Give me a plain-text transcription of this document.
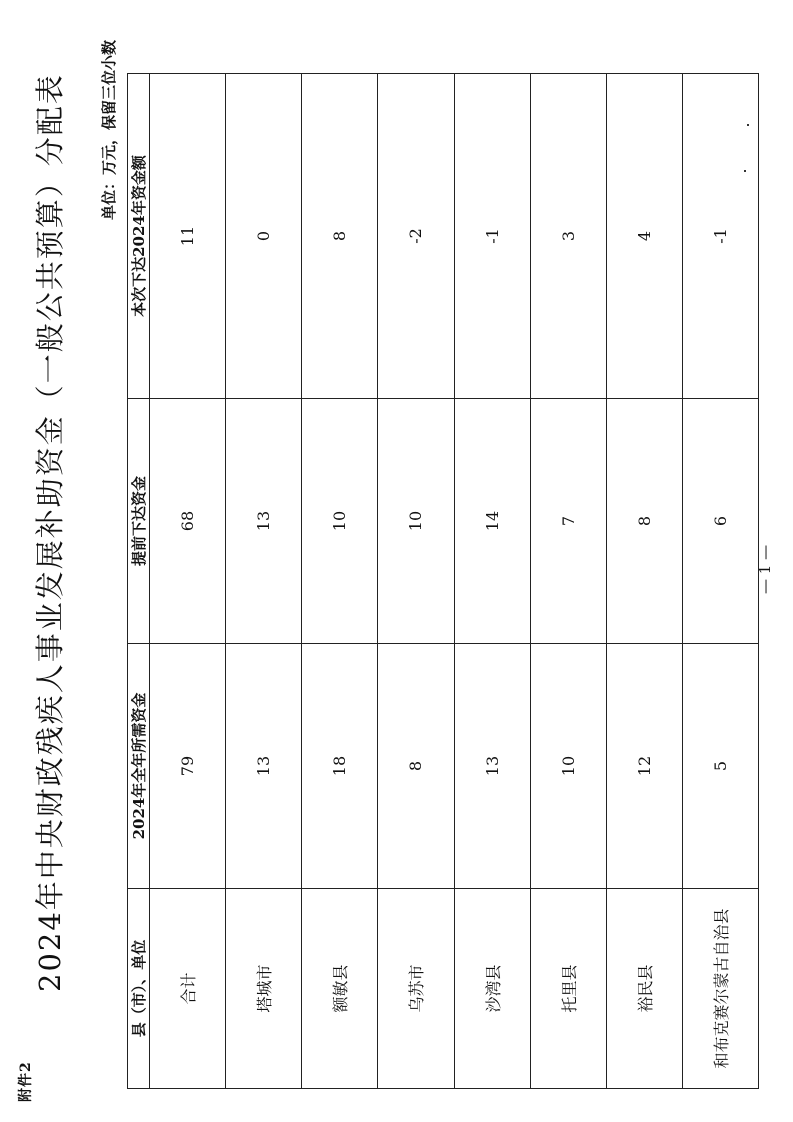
附件2
2024年中央财政残疾人事业发展补助资金（一般公共预算）分配表 单位：万元，保留三位小数
县（市）、单位	2024年全年所需资金	提前下达资金	本次下达2024年资金额
合计	79	68	11
塔城市	13	13	0
额敏县	18	10	8
乌苏市	8	10	-2
沙湾县	13	14	-1
托里县	10	7	3
裕民县	12	8	4
和布克赛尔蒙古自治县	5	6	-1
— 1 —
